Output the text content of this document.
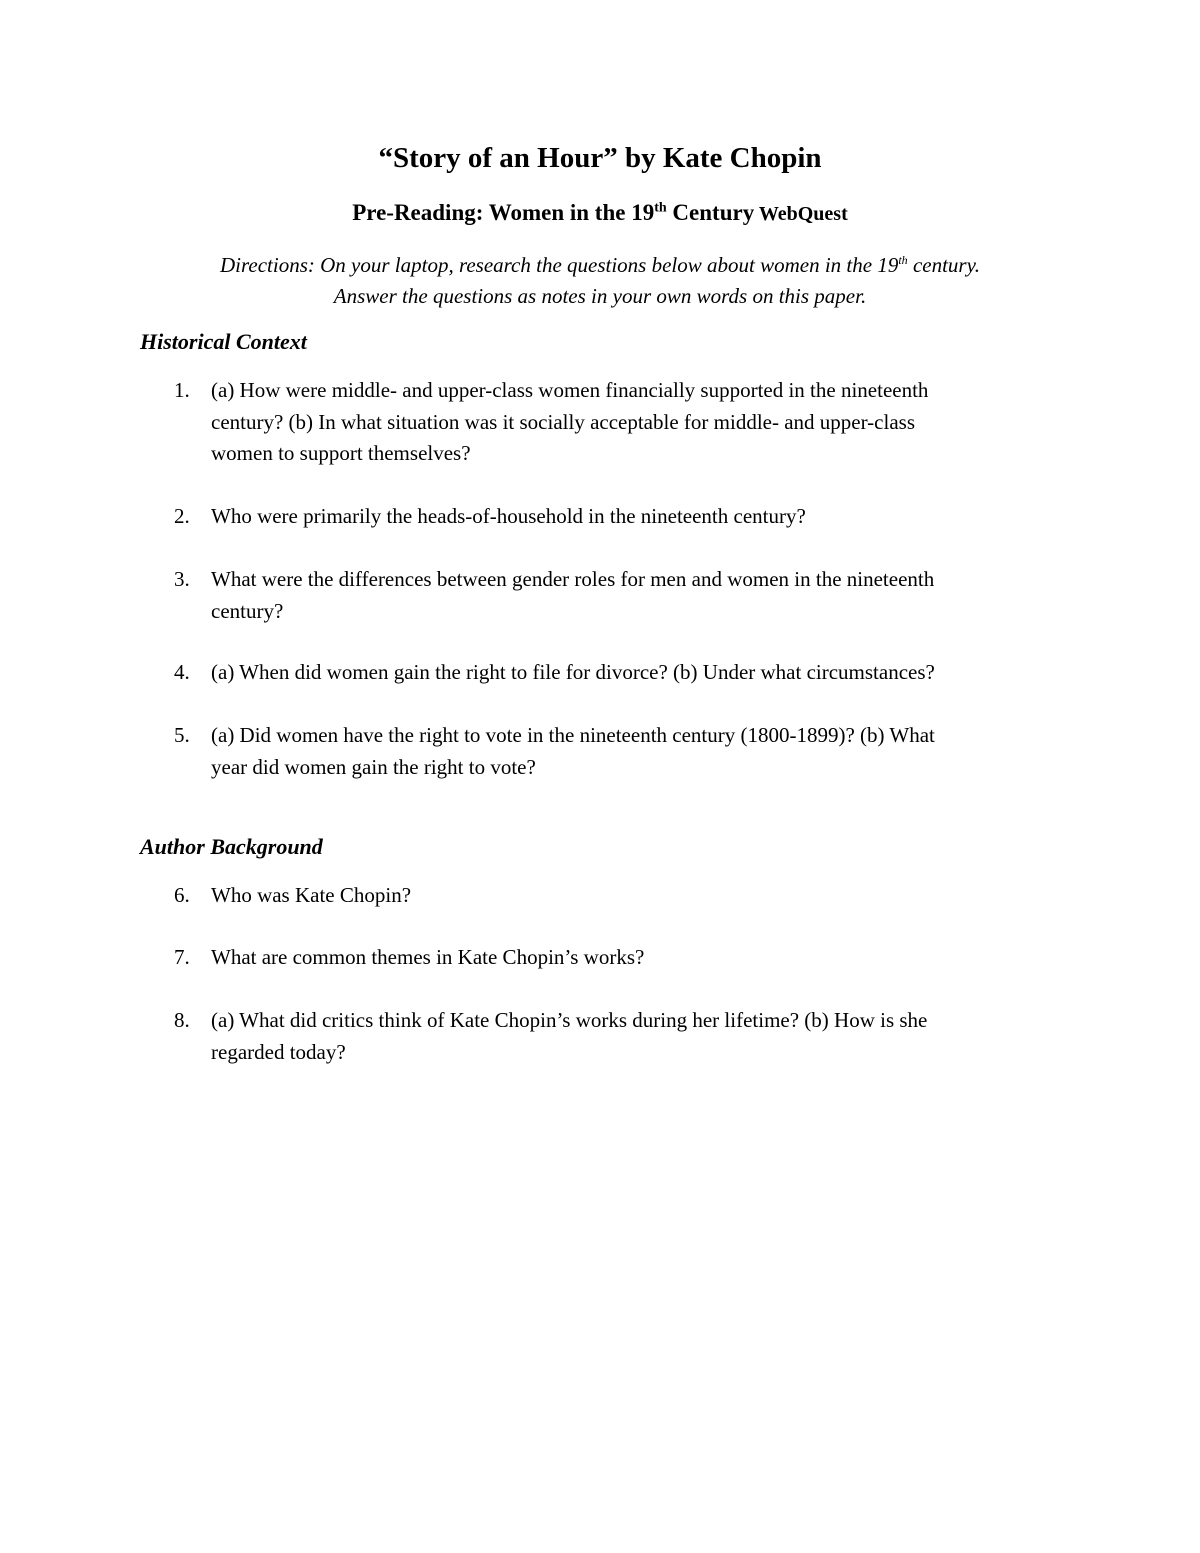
“Story of an Hour” by Kate Chopin
Pre-Reading: Women in the 19th Century WebQuest
Directions: On your laptop, research the questions below about women in the 19th century.
Answer the questions as notes in your own words on this paper.
Historical Context
1. (a) How were middle- and upper-class women financially supported in the nineteenth
century? (b) In what situation was it socially acceptable for middle- and upper-class
women to support themselves?
2. Who were primarily the heads-of-household in the nineteenth century?
3. What were the differences between gender roles for men and women in the nineteenth
century?
4. (a) When did women gain the right to file for divorce? (b) Under what circumstances?
5. (a) Did women have the right to vote in the nineteenth century (1800-1899)? (b) What
year did women gain the right to vote?
Author Background
6. Who was Kate Chopin?
7. What are common themes in Kate Chopin’s works?
8. (a) What did critics think of Kate Chopin’s works during her lifetime? (b) How is she
regarded today?
